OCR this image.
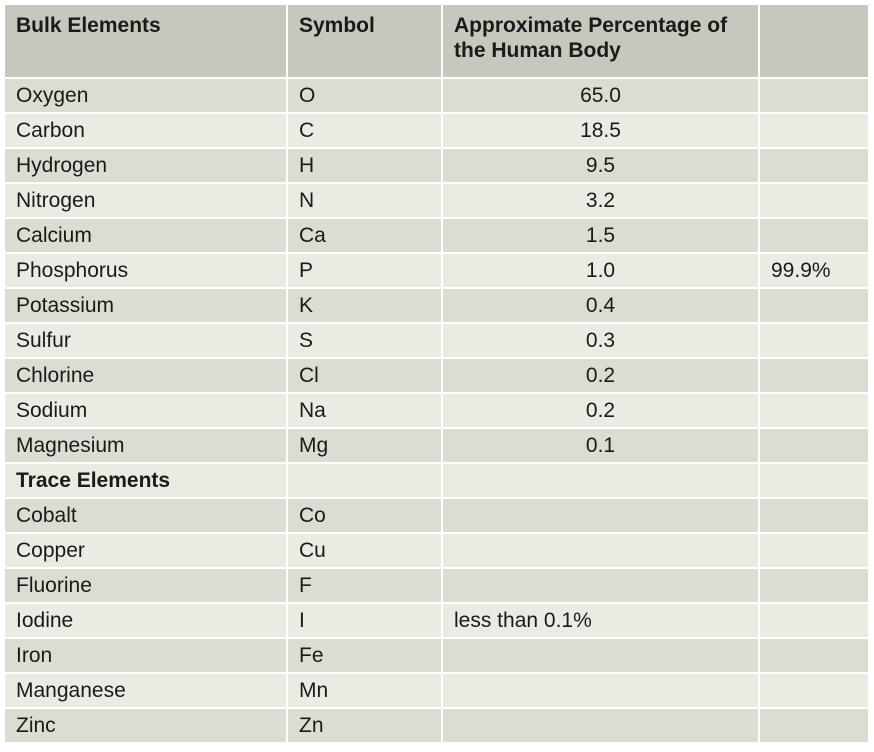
Bulk Elements	Symbol	Approximate Percentage of the Human Body	
Oxygen	O	65.0	
Carbon	C	18.5	
Hydrogen	H	9.5	
Nitrogen	N	3.2	
Calcium	Ca	1.5	
Phosphorus	P	1.0	99.9%
Potassium	K	0.4	
Sulfur	S	0.3	
Chlorine	Cl	0.2	
Sodium	Na	0.2	
Magnesium	Mg	0.1	
Trace Elements			
Cobalt	Co		
Copper	Cu		
Fluorine	F		
Iodine	I	less than 0.1%	
Iron	Fe		
Manganese	Mn		
Zinc	Zn		
